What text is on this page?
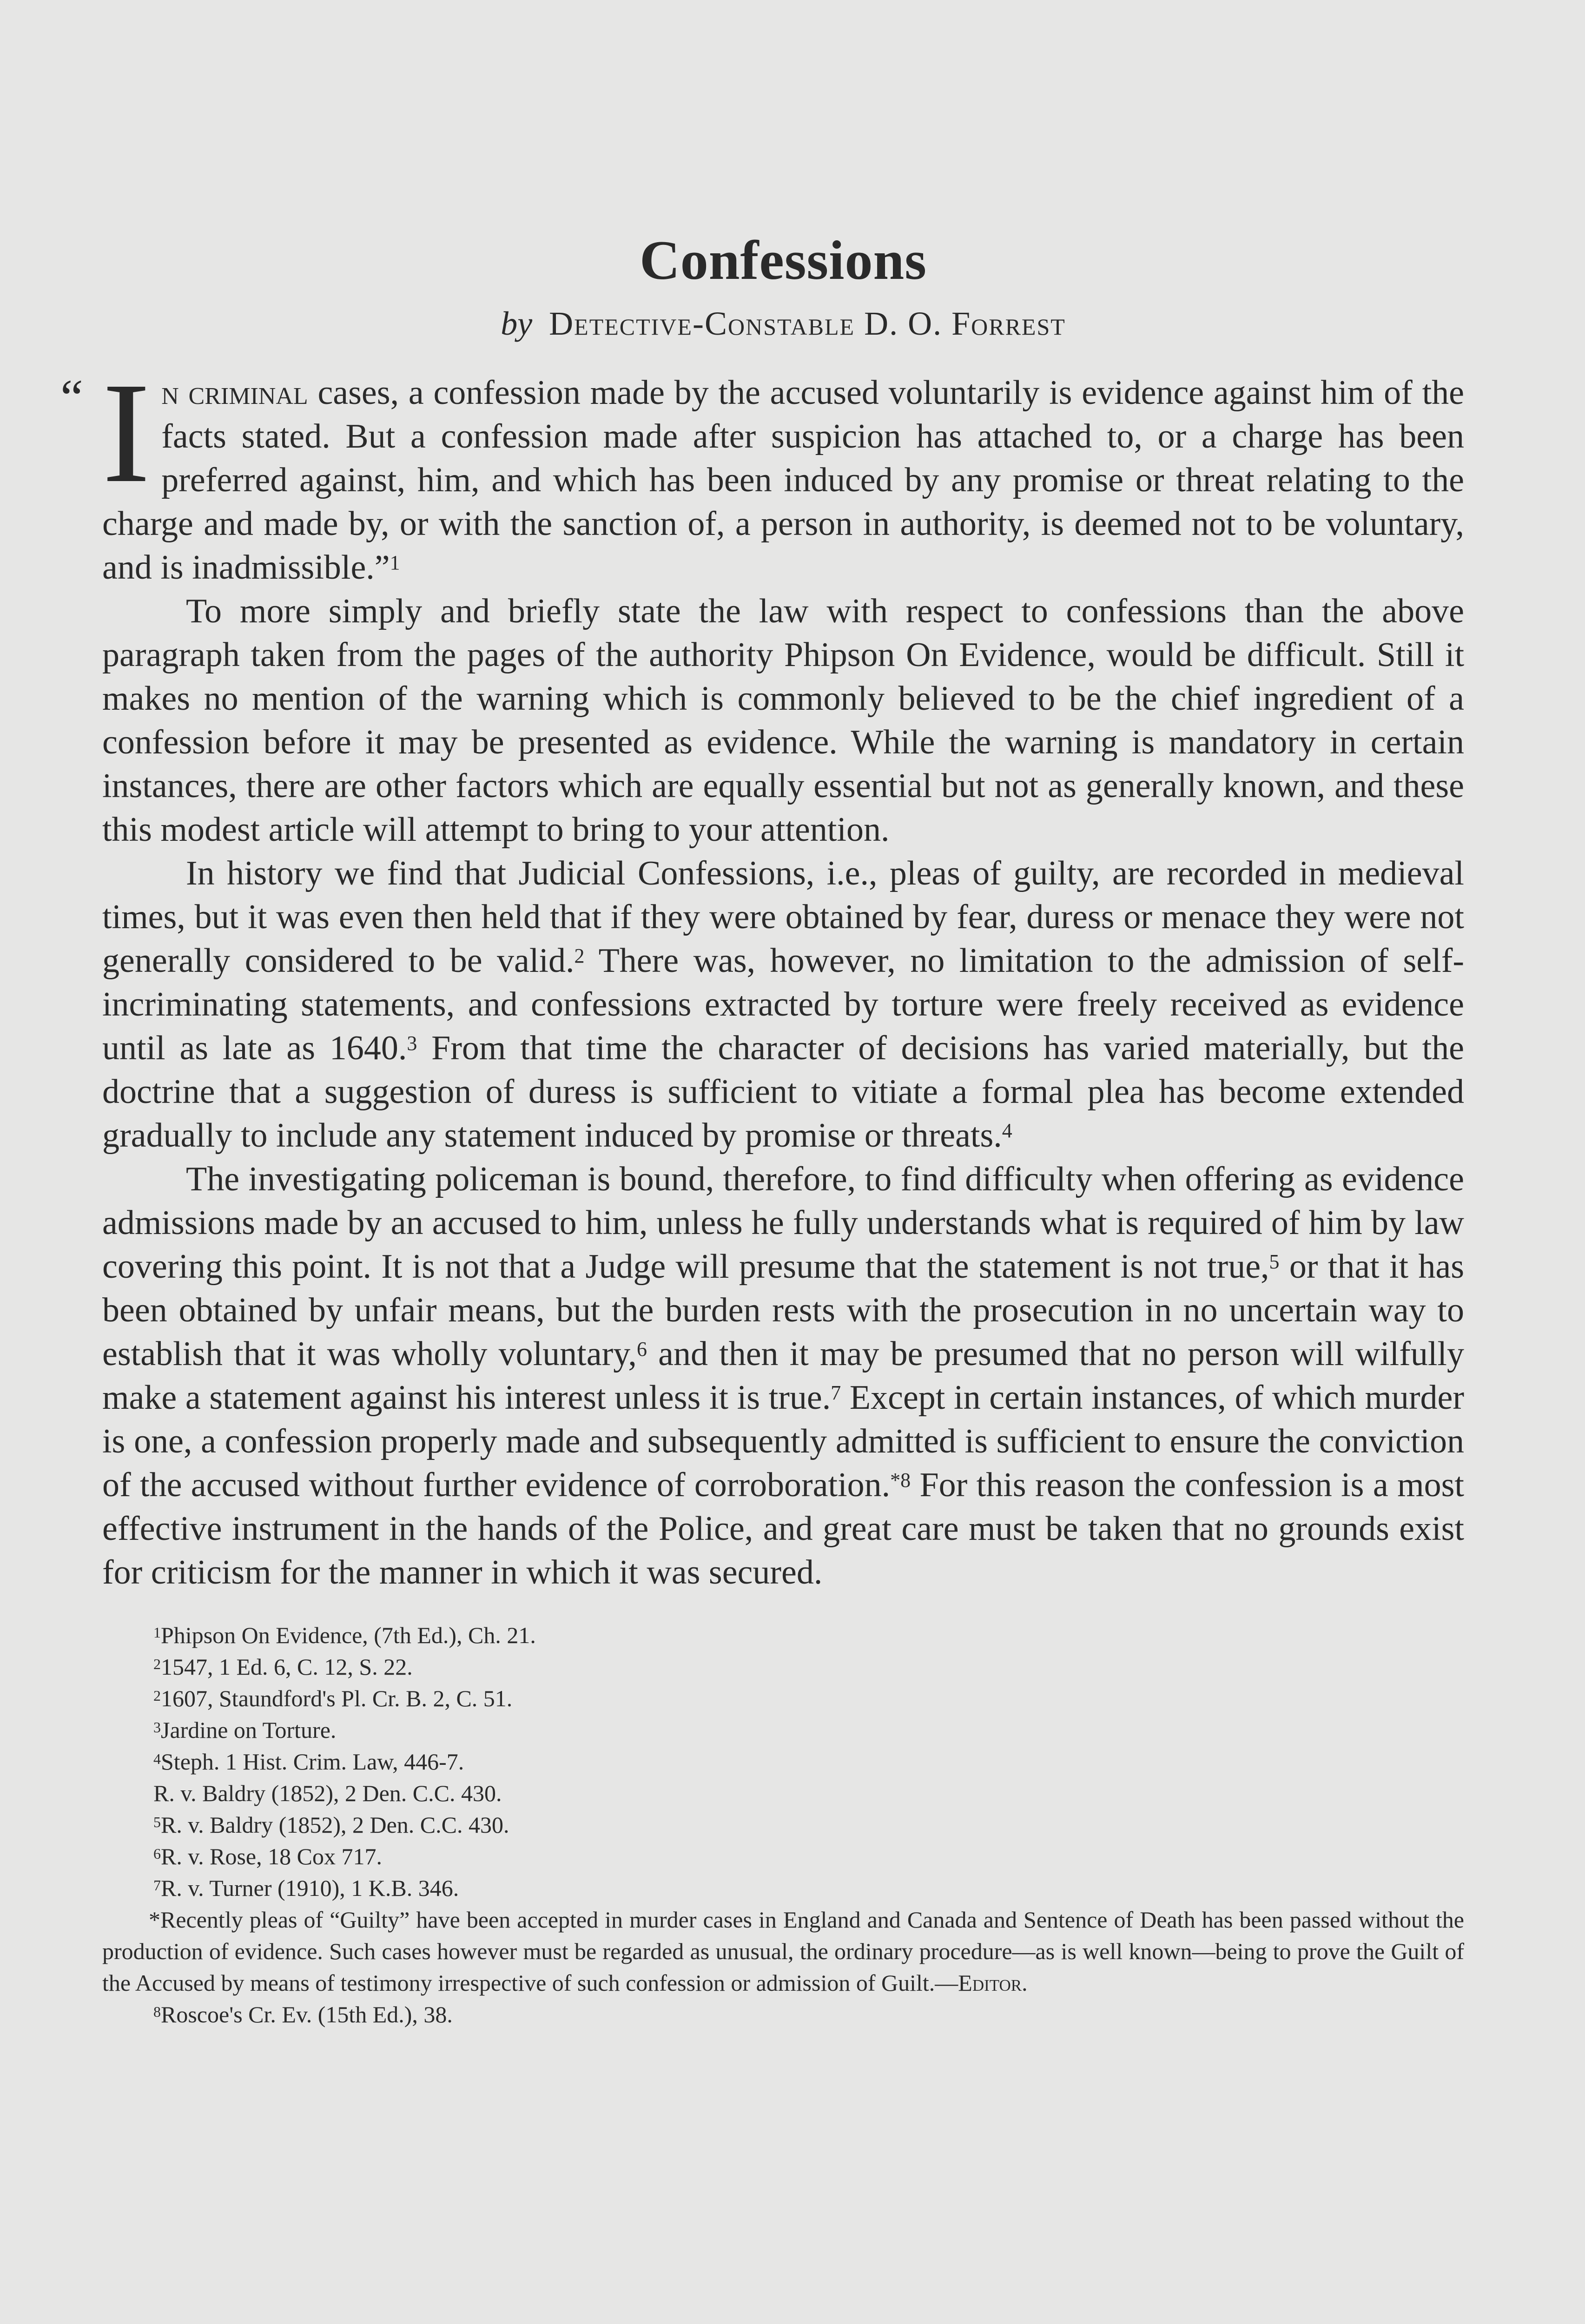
Confessions
by Detective-Constable D. O. Forrest

“ I n criminal cases, a confession made by the accused voluntarily is evidence against him of the facts stated. But a confession made after suspicion has attached to, or a charge has been preferred against, him, and which has been induced by any promise or threat relating to the charge and made by, or with the sanction of, a person in authority, is deemed not to be voluntary, and is inadmissible.”$^1$

To more simply and briefly state the law with respect to confessions than the above paragraph taken from the pages of the authority Phipson On Evidence, would be difficult. Still it makes no mention of the warning which is commonly believed to be the chief ingredient of a confession before it may be presented as evidence. While the warning is mandatory in certain instances, there are other factors which are equally essential but not as generally known, and these this modest article will attempt to bring to your attention.

In history we find that Judicial Confessions, i.e., pleas of guilty, are recorded in medieval times, but it was even then held that if they were obtained by fear, duress or menace they were not generally considered to be valid.$^2$ There was, however, no limitation to the admission of self-incriminating statements, and confessions extracted by torture were freely received as evidence until as late as 1640.$^3$ From that time the character of decisions has varied materially, but the doctrine that a suggestion of duress is sufficient to vitiate a formal plea has become extended gradually to include any statement induced by promise or threats.$^4$

The investigating policeman is bound, therefore, to find difficulty when offering as evidence admissions made by an accused to him, unless he fully understands what is required of him by law covering this point. It is not that a Judge will presume that the statement is not true,$^5$ or that it has been obtained by unfair means, but the burden rests with the prosecution in no uncertain way to establish that it was wholly voluntary,$^6$ and then it may be presumed that no person will wilfully make a statement against his interest unless it is true.$^7$ Except in certain instances, of which murder is one, a confession properly made and subsequently admitted is sufficient to ensure the conviction of the accused without further evidence of corroboration.$^{*8}$ For this reason the confession is a most effective instrument in the hands of the Police, and great care must be taken that no grounds exist for criticism for the manner in which it was secured.

$^1$Phipson On Evidence, (7th Ed.), Ch. 21.
$^2$1547, 1 Ed. 6, C. 12, S. 22.
$^2$1607, Staundford's Pl. Cr. B. 2, C. 51.
$^3$Jardine on Torture.
$^4$Steph. 1 Hist. Crim. Law, 446-7.
R. v. Baldry (1852), 2 Den. C.C. 430.
$^5$R. v. Baldry (1852), 2 Den. C.C. 430.
$^6$R. v. Rose, 18 Cox 717.
$^7$R. v. Turner (1910), 1 K.B. 346.
*Recently pleas of “Guilty” have been accepted in murder cases in England and Canada and Sentence of Death has been passed without the production of evidence. Such cases however must be regarded as unusual, the ordinary procedure—as is well known—being to prove the Guilt of the Accused by means of testimony irrespective of such confession or admission of Guilt.—Editor.
$^8$Roscoe's Cr. Ev. (15th Ed.), 38.
